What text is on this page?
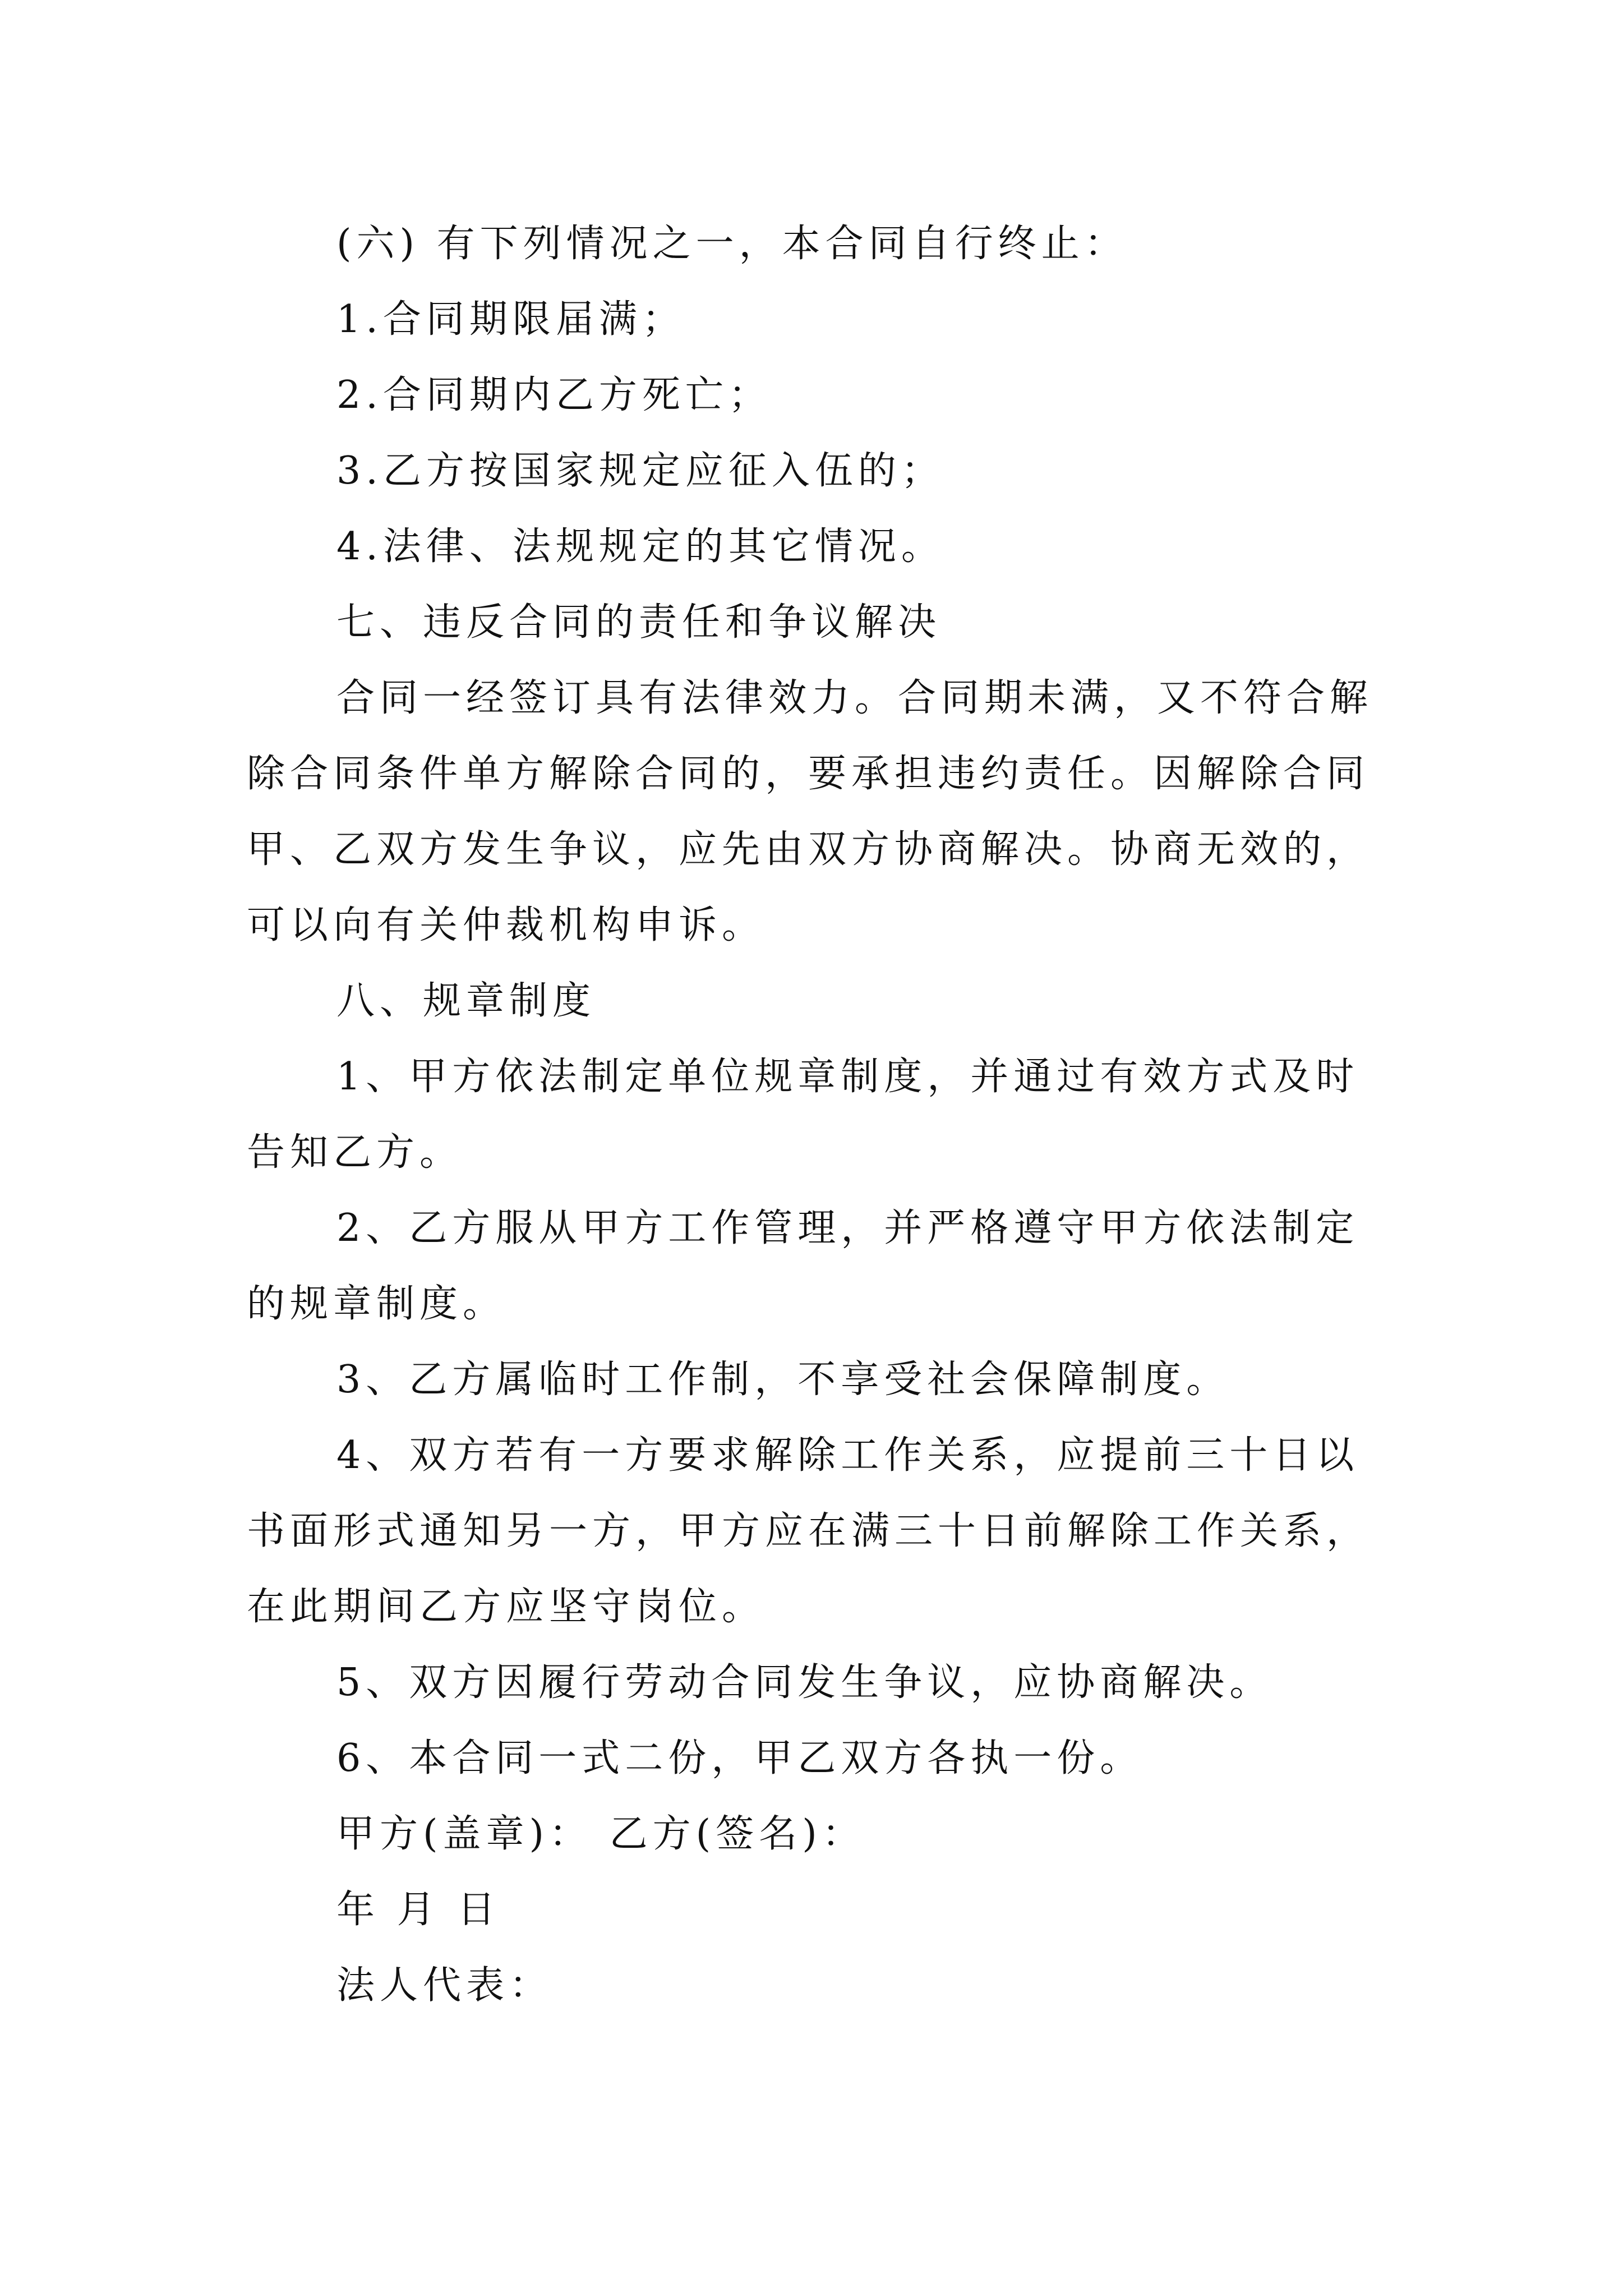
(六) 有下列情况之一，本合同自行终止：
1.合同期限届满；
2.合同期内乙方死亡；
3.乙方按国家规定应征入伍的；
4.法律、法规规定的其它情况。
七、违反合同的责任和争议解决
合同一经签订具有法律效力。合同期未满，又不符合解
除合同条件单方解除合同的，要承担违约责任。因解除合同
甲、乙双方发生争议，应先由双方协商解决。协商无效的，
可以向有关仲裁机构申诉。
八、规章制度
1、甲方依法制定单位规章制度，并通过有效方式及时
告知乙方。
2、乙方服从甲方工作管理，并严格遵守甲方依法制定
的规章制度。
3、乙方属临时工作制，不享受社会保障制度。
4、双方若有一方要求解除工作关系，应提前三十日以
书面形式通知另一方，甲方应在满三十日前解除工作关系，
在此期间乙方应坚守岗位。
5、双方因履行劳动合同发生争议，应协商解决。
6、本合同一式二份，甲乙双方各执一份。
甲方(盖章)： 乙方(签名)：
年 月 日
法人代表：
